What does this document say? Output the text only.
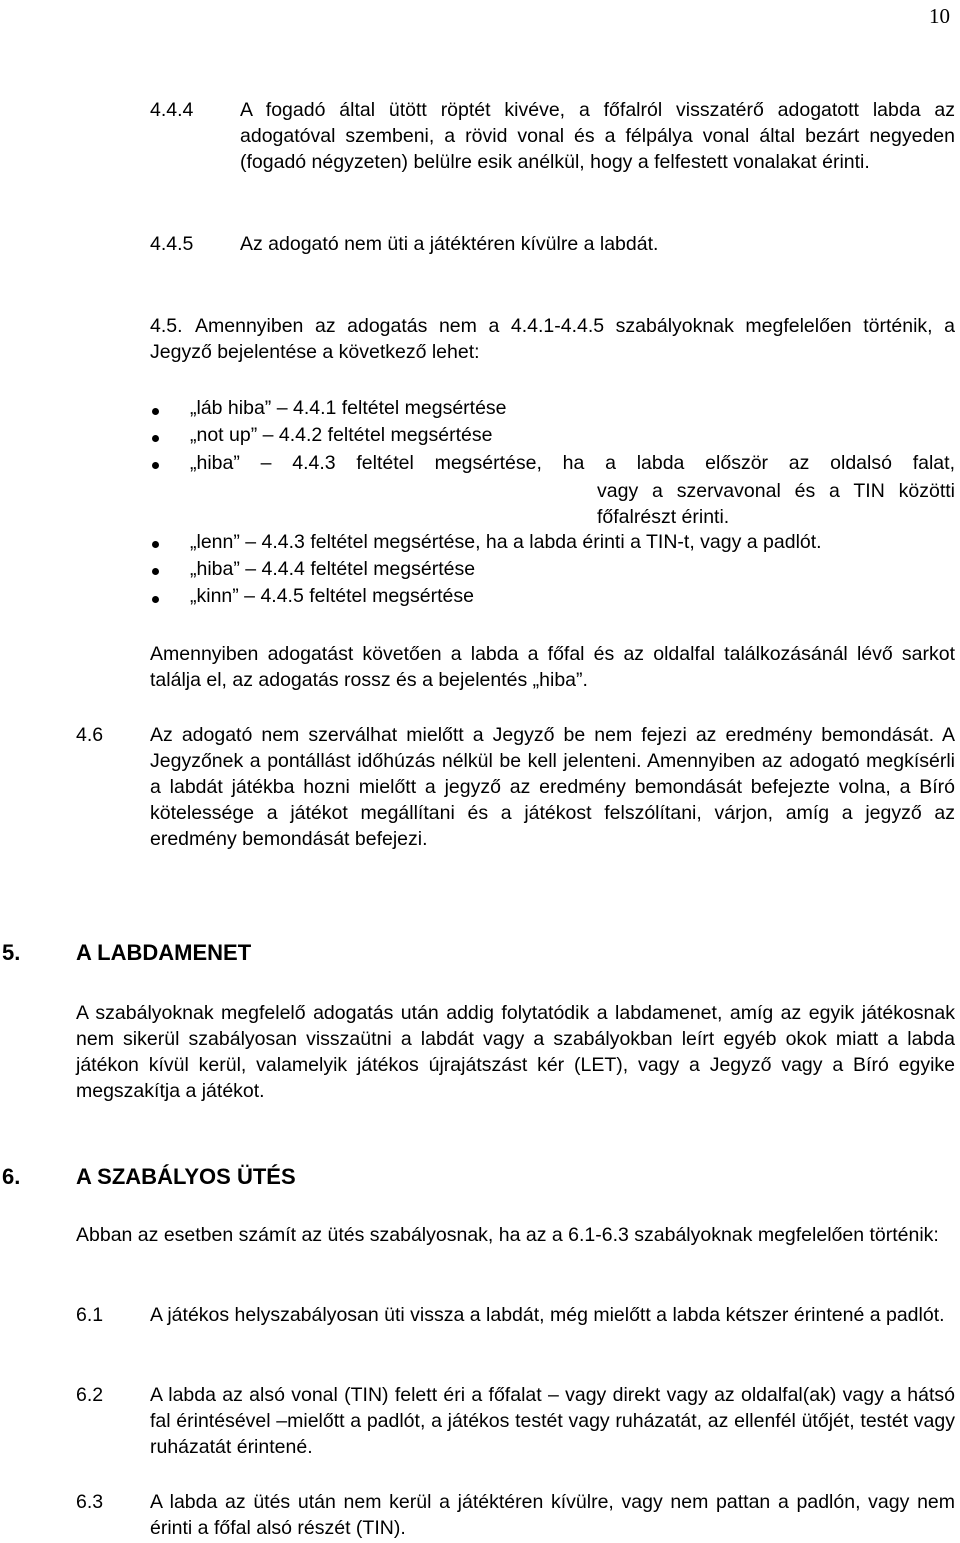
10
4.4.4 A fogadó által ütött röptét kivéve, a főfalról visszatérő adogatott labda az adogatóval szembeni, a rövid vonal és a félpálya vonal által bezárt negyeden (fogadó négyzeten) belülre esik anélkül, hogy a felfestett vonalakat érinti.
4.4.5 Az adogató nem üti a játéktéren kívülre a labdát.
4.5. Amennyiben az adogatás nem a 4.4.1-4.4.5 szabályoknak megfelelően történik, a Jegyző bejelentése a következő lehet:
„láb hiba” – 4.4.1 feltétel megsértése
„not up” – 4.4.2 feltétel megsértése
„hiba” – 4.4.3 feltétel megsértése, ha a labda először az oldalsó falat,
vagy a szervavonal és a TIN közötti főfalrészt érinti.
„lenn” – 4.4.3 feltétel megsértése, ha a labda érinti a TIN-t, vagy a padlót.
„hiba” – 4.4.4 feltétel megsértése
„kinn” – 4.4.5 feltétel megsértése
Amennyiben adogatást követően a labda a főfal és az oldalfal találkozásánál lévő sarkot találja el, az adogatás rossz és a bejelentés „hiba”.
4.6 Az adogató nem szerválhat mielőtt a Jegyző be nem fejezi az eredmény bemondását. A Jegyzőnek a pontállást időhúzás nélkül be kell jelenteni. Amennyiben az adogató megkísérli a labdát játékba hozni mielőtt a jegyző az eredmény bemondását befejezte volna, a Bíró kötelessége a játékot megállítani és a játékost felszólítani, várjon, amíg a jegyző az eredmény bemondását befejezi.
5.	A LABDAMENET
A szabályoknak megfelelő adogatás után addig folytatódik a labdamenet, amíg az egyik játékosnak nem sikerül szabályosan visszaütni a labdát vagy a szabályokban leírt egyéb okok miatt a labda játékon kívül kerül, valamelyik játékos újrajátszást kér (LET), vagy a Jegyző vagy a Bíró egyike megszakítja a játékot.
6.	A SZABÁLYOS ÜTÉS
Abban az esetben számít az ütés szabályosnak, ha az a 6.1-6.3 szabályoknak megfelelően történik:
6.1 A játékos helyszabályosan üti vissza a labdát, még mielőtt a labda kétszer érintené a padlót.
6.2 A labda az alsó vonal (TIN) felett éri a főfalat – vagy direkt vagy az oldalfal(ak) vagy a hátsó fal érintésével –mielőtt a padlót, a játékos testét vagy ruházatát, az ellenfél ütőjét, testét vagy ruházatát érintené.
6.3 A labda az ütés után nem kerül a játéktéren kívülre, vagy nem pattan a padlón, vagy nem érinti a főfal alsó részét (TIN).
